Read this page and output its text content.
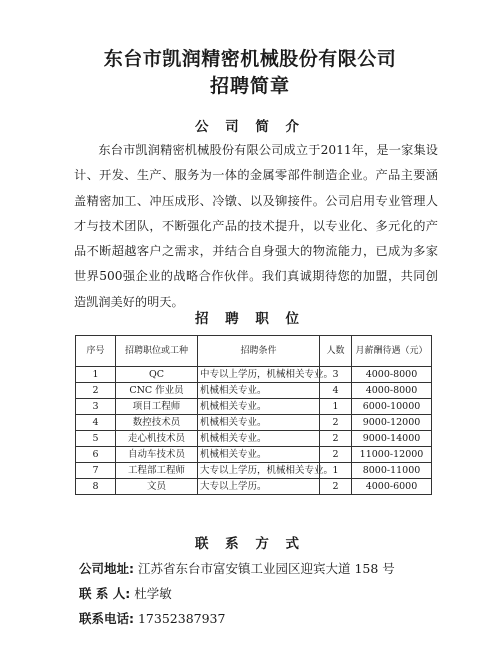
东台市凯润精密机械股份有限公司
招聘简章
公 司 简 介

东台市凯润精密机械股份有限公司成立于2011年，是一家集设计、开发、生产、服务为一体的金属零部件制造企业。产品主要涵盖精密加工、冲压成形、冷镦、以及铆接件。公司启用专业管理人才与技术团队，不断强化产品的技术提升，以专业化、多元化的产品不断超越客户之需求，并结合自身强大的物流能力，已成为多家世界500强企业的战略合作伙伴。我们真诚期待您的加盟，共同创造凯润美好的明天。

招 聘 职 位
序号	招聘职位或工种	招聘条件	人数	月薪酬待遇（元）
1	QC	中专以上学历，机械相关专业。	3	4000-8000
2	CNC 作业员	机械相关专业。	4	4000-8000
3	项目工程师	机械相关专业。	1	6000-10000
4	数控技术员	机械相关专业。	2	9000-12000
5	走心机技术员	机械相关专业。	2	9000-14000
6	自动车技术员	机械相关专业。	2	11000-12000
7	工程部工程师	大专以上学历，机械相关专业。	1	8000-11000
8	文员	大专以上学历。	2	4000-6000
联 系 方 式
公司地址: 江苏省东台市富安镇工业园区迎宾大道 158 号
联 系 人: 杜学敏
联系电话: 17352387937
